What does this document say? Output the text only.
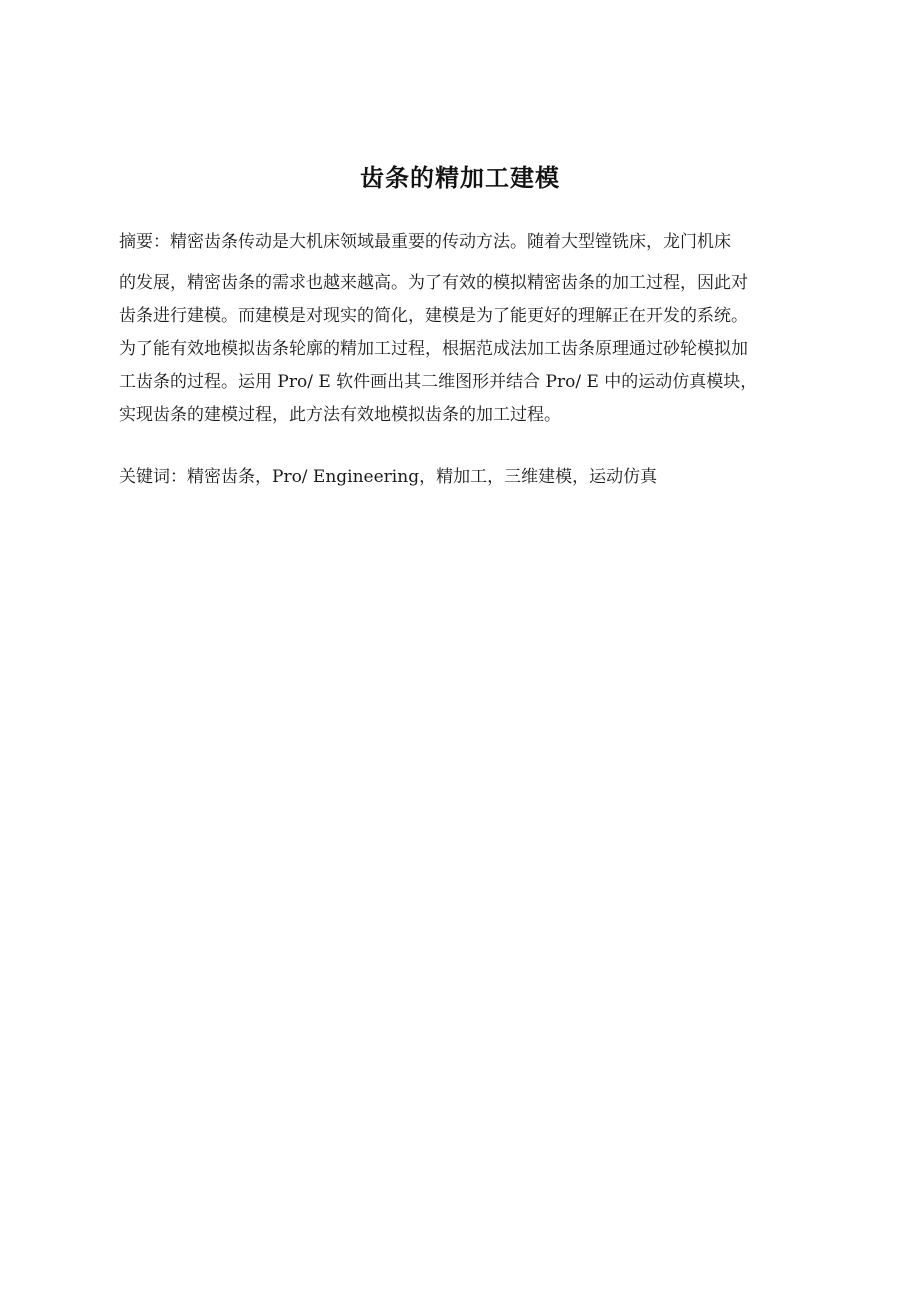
齿条的精加工建模
摘要：精密齿条传动是大机床领域最重要的传动方法。随着大型镗铣床，龙门机床
的发展，精密齿条的需求也越来越高。为了有效的模拟精密齿条的加工过程，因此对
齿条进行建模。而建模是对现实的简化，建模是为了能更好的理解正在开发的系统。
为了能有效地模拟齿条轮廓的精加工过程，根据范成法加工齿条原理通过砂轮模拟加
工齿条的过程。运用 Pro/ E 软件画出其二维图形并结合 Pro/ E 中的运动仿真模块，
实现齿条的建模过程，此方法有效地模拟齿条的加工过程。
关键词：精密齿条，Pro/ Engineering，精加工，三维建模，运动仿真
